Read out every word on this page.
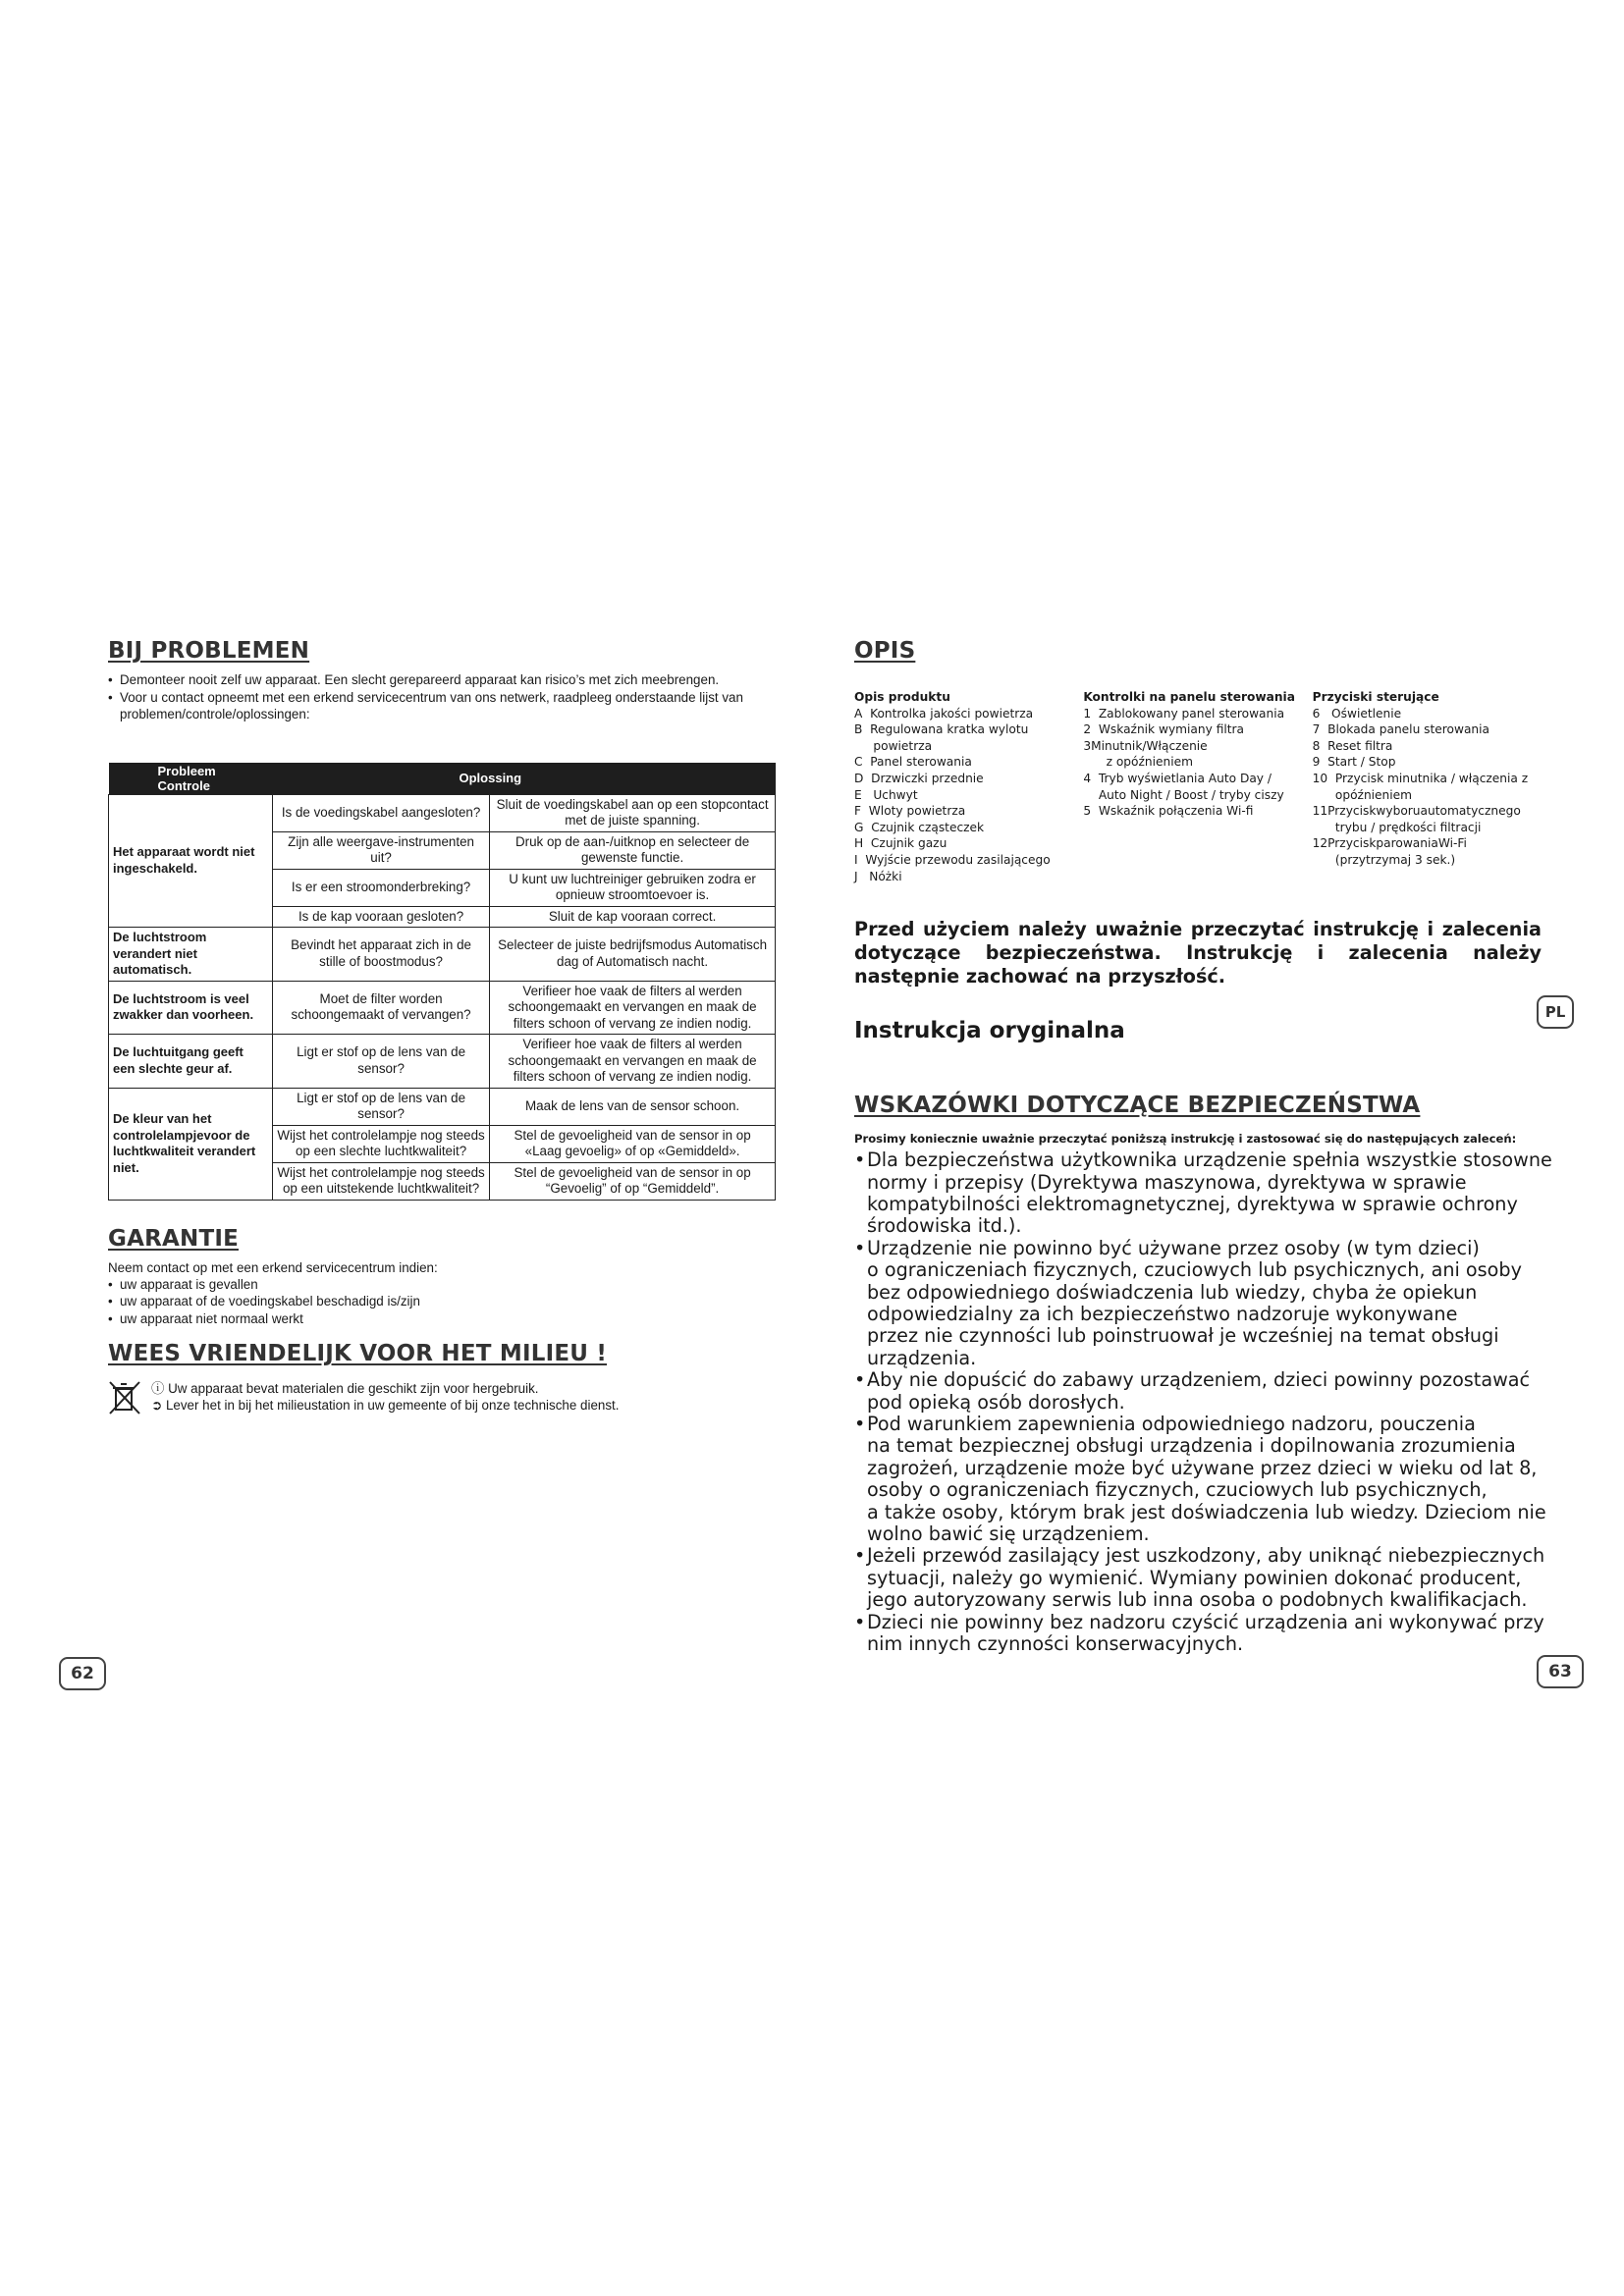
BIJ PROBLEMEN
• Demonteer nooit zelf uw apparaat. Een slecht gerepareerd apparaat kan risico’s met zich meebrengen.
• Voor u contact opneemt met een erkend servicecentrum van ons netwerk, raadpleeg onderstaande lijst van problemen/controle/oplossingen:
Probleem Controle	Oplossing	
Het apparaat wordt niet ingeschakeld.	Is de voedingskabel aangesloten?	Sluit de voedingskabel aan op een stopcontact met de juiste spanning.
	Zijn alle weergave-instrumenten uit?	Druk op de aan-/uitknop en selecteer de gewenste functie.
	Is er een stroomonderbreking?	U kunt uw luchtreiniger gebruiken zodra er opnieuw stroomtoevoer is.
	Is de kap vooraan gesloten?	Sluit de kap vooraan correct.
De luchtstroom verandert niet automatisch.	Bevindt het apparaat zich in de stille of boostmodus?	Selecteer de juiste bedrijfsmodus Automatisch dag of Automatisch nacht.
De luchtstroom is veel zwakker dan voorheen.	Moet de filter worden schoongemaakt of vervangen?	Verifieer hoe vaak de filters al werden schoongemaakt en vervangen en maak de filters schoon of vervang ze indien nodig.
De luchtuitgang geeft een slechte geur af.	Ligt er stof op de lens van de sensor?	Verifieer hoe vaak de filters al werden schoongemaakt en vervangen en maak de filters schoon of vervang ze indien nodig.
De kleur van het controlelampjevoor de luchtkwaliteit verandert niet.	Ligt er stof op de lens van de sensor?	Maak de lens van de sensor schoon.
	Wijst het controlelampje nog steeds op een slechte luchtkwaliteit?	Stel de gevoeligheid van de sensor in op «Laag gevoelig» of op «Gemiddeld».
	Wijst het controlelampje nog steeds op een uitstekende luchtkwaliteit?	Stel de gevoeligheid van de sensor in op “Gevoelig” of op “Gemiddeld”.
GARANTIE

Neem contact op met een erkend servicecentrum indien:

• uw apparaat is gevallen
• uw apparaat of de voedingskabel beschadigd is/zijn
• uw apparaat niet normaal werkt
WEES VRIENDELIJK VOOR HET MILIEU !

ⓘ Uw apparaat bevat materialen die geschikt zijn voor hergebruik.

➲ Lever het in bij het milieustation in uw gemeente of bij onze technische dienst.

62
OPIS
Opis produktu
A  Kontrolka jakości powietrza
B  Regulowana kratka wylotu
powietrza
C  Panel sterowania
D  Drzwiczki przednie
E   Uchwyt
F  Wloty powietrza
G  Czujnik cząsteczek
H  Czujnik gazu
I  Wyjście przewodu zasilającego
J   Nóżki
Kontrolki na panelu sterowania
1  Zablokowany panel sterowania
2  Wskaźnik wymiany filtra
3Minutnik/Włączenie
z opóźnieniem
4  Tryb wyświetlania Auto Day /
Auto Night / Boost / tryby ciszy
5  Wskaźnik połączenia Wi-fi
Przyciski sterujące
6   Oświetlenie
7  Blokada panelu sterowania
8  Reset filtra
9  Start / Stop
10  Przycisk minutnika / włączenia z
opóźnieniem
11Przyciskwyboruautomatycznego
trybu / prędkości filtracji
12PrzyciskparowaniaWi-Fi
(przytrzymaj 3 sek.)

Przed użyciem należy uważnie przeczytać instrukcję i zalecenia dotyczące bezpieczeństwa. Instrukcję i zalecenia należy następnie zachować na przyszłość.

Instrukcja oryginalna

WSKAZÓWKI DOTYCZĄCE BEZPIECZEŃSTWA

Prosimy koniecznie uważnie przeczytać poniższą instrukcję i zastosować się do następujących zaleceń:

• Dla bezpieczeństwa użytkownika urządzenie spełnia wszystkie stosowne
normy i przepisy (Dyrektywa maszynowa, dyrektywa w sprawie
kompatybilności elektromagnetycznej, dyrektywa w sprawie ochrony
środowiska itd.).
• Urządzenie nie powinno być używane przez osoby (w tym dzieci)
o ograniczeniach fizycznych, czuciowych lub psychicznych, ani osoby
bez odpowiedniego doświadczenia lub wiedzy, chyba że opiekun
odpowiedzialny za ich bezpieczeństwo nadzoruje wykonywane
przez nie czynności lub poinstruował je wcześniej na temat obsługi
urządzenia.
• Aby nie dopuścić do zabawy urządzeniem, dzieci powinny pozostawać
pod opieką osób dorosłych.
• Pod warunkiem zapewnienia odpowiedniego nadzoru, pouczenia
na temat bezpiecznej obsługi urządzenia i dopilnowania zrozumienia
zagrożeń, urządzenie może być używane przez dzieci w wieku od lat 8,
osoby o ograniczeniach fizycznych, czuciowych lub psychicznych,
a także osoby, którym brak jest doświadczenia lub wiedzy. Dzieciom nie
wolno bawić się urządzeniem.
• Jeżeli przewód zasilający jest uszkodzony, aby uniknąć niebezpiecznych
sytuacji, należy go wymienić. Wymiany powinien dokonać producent,
jego autoryzowany serwis lub inna osoba o podobnych kwalifikacjach.
• Dzieci nie powinny bez nadzoru czyścić urządzenia ani wykonywać przy
nim innych czynności konserwacyjnych.
PL
63
